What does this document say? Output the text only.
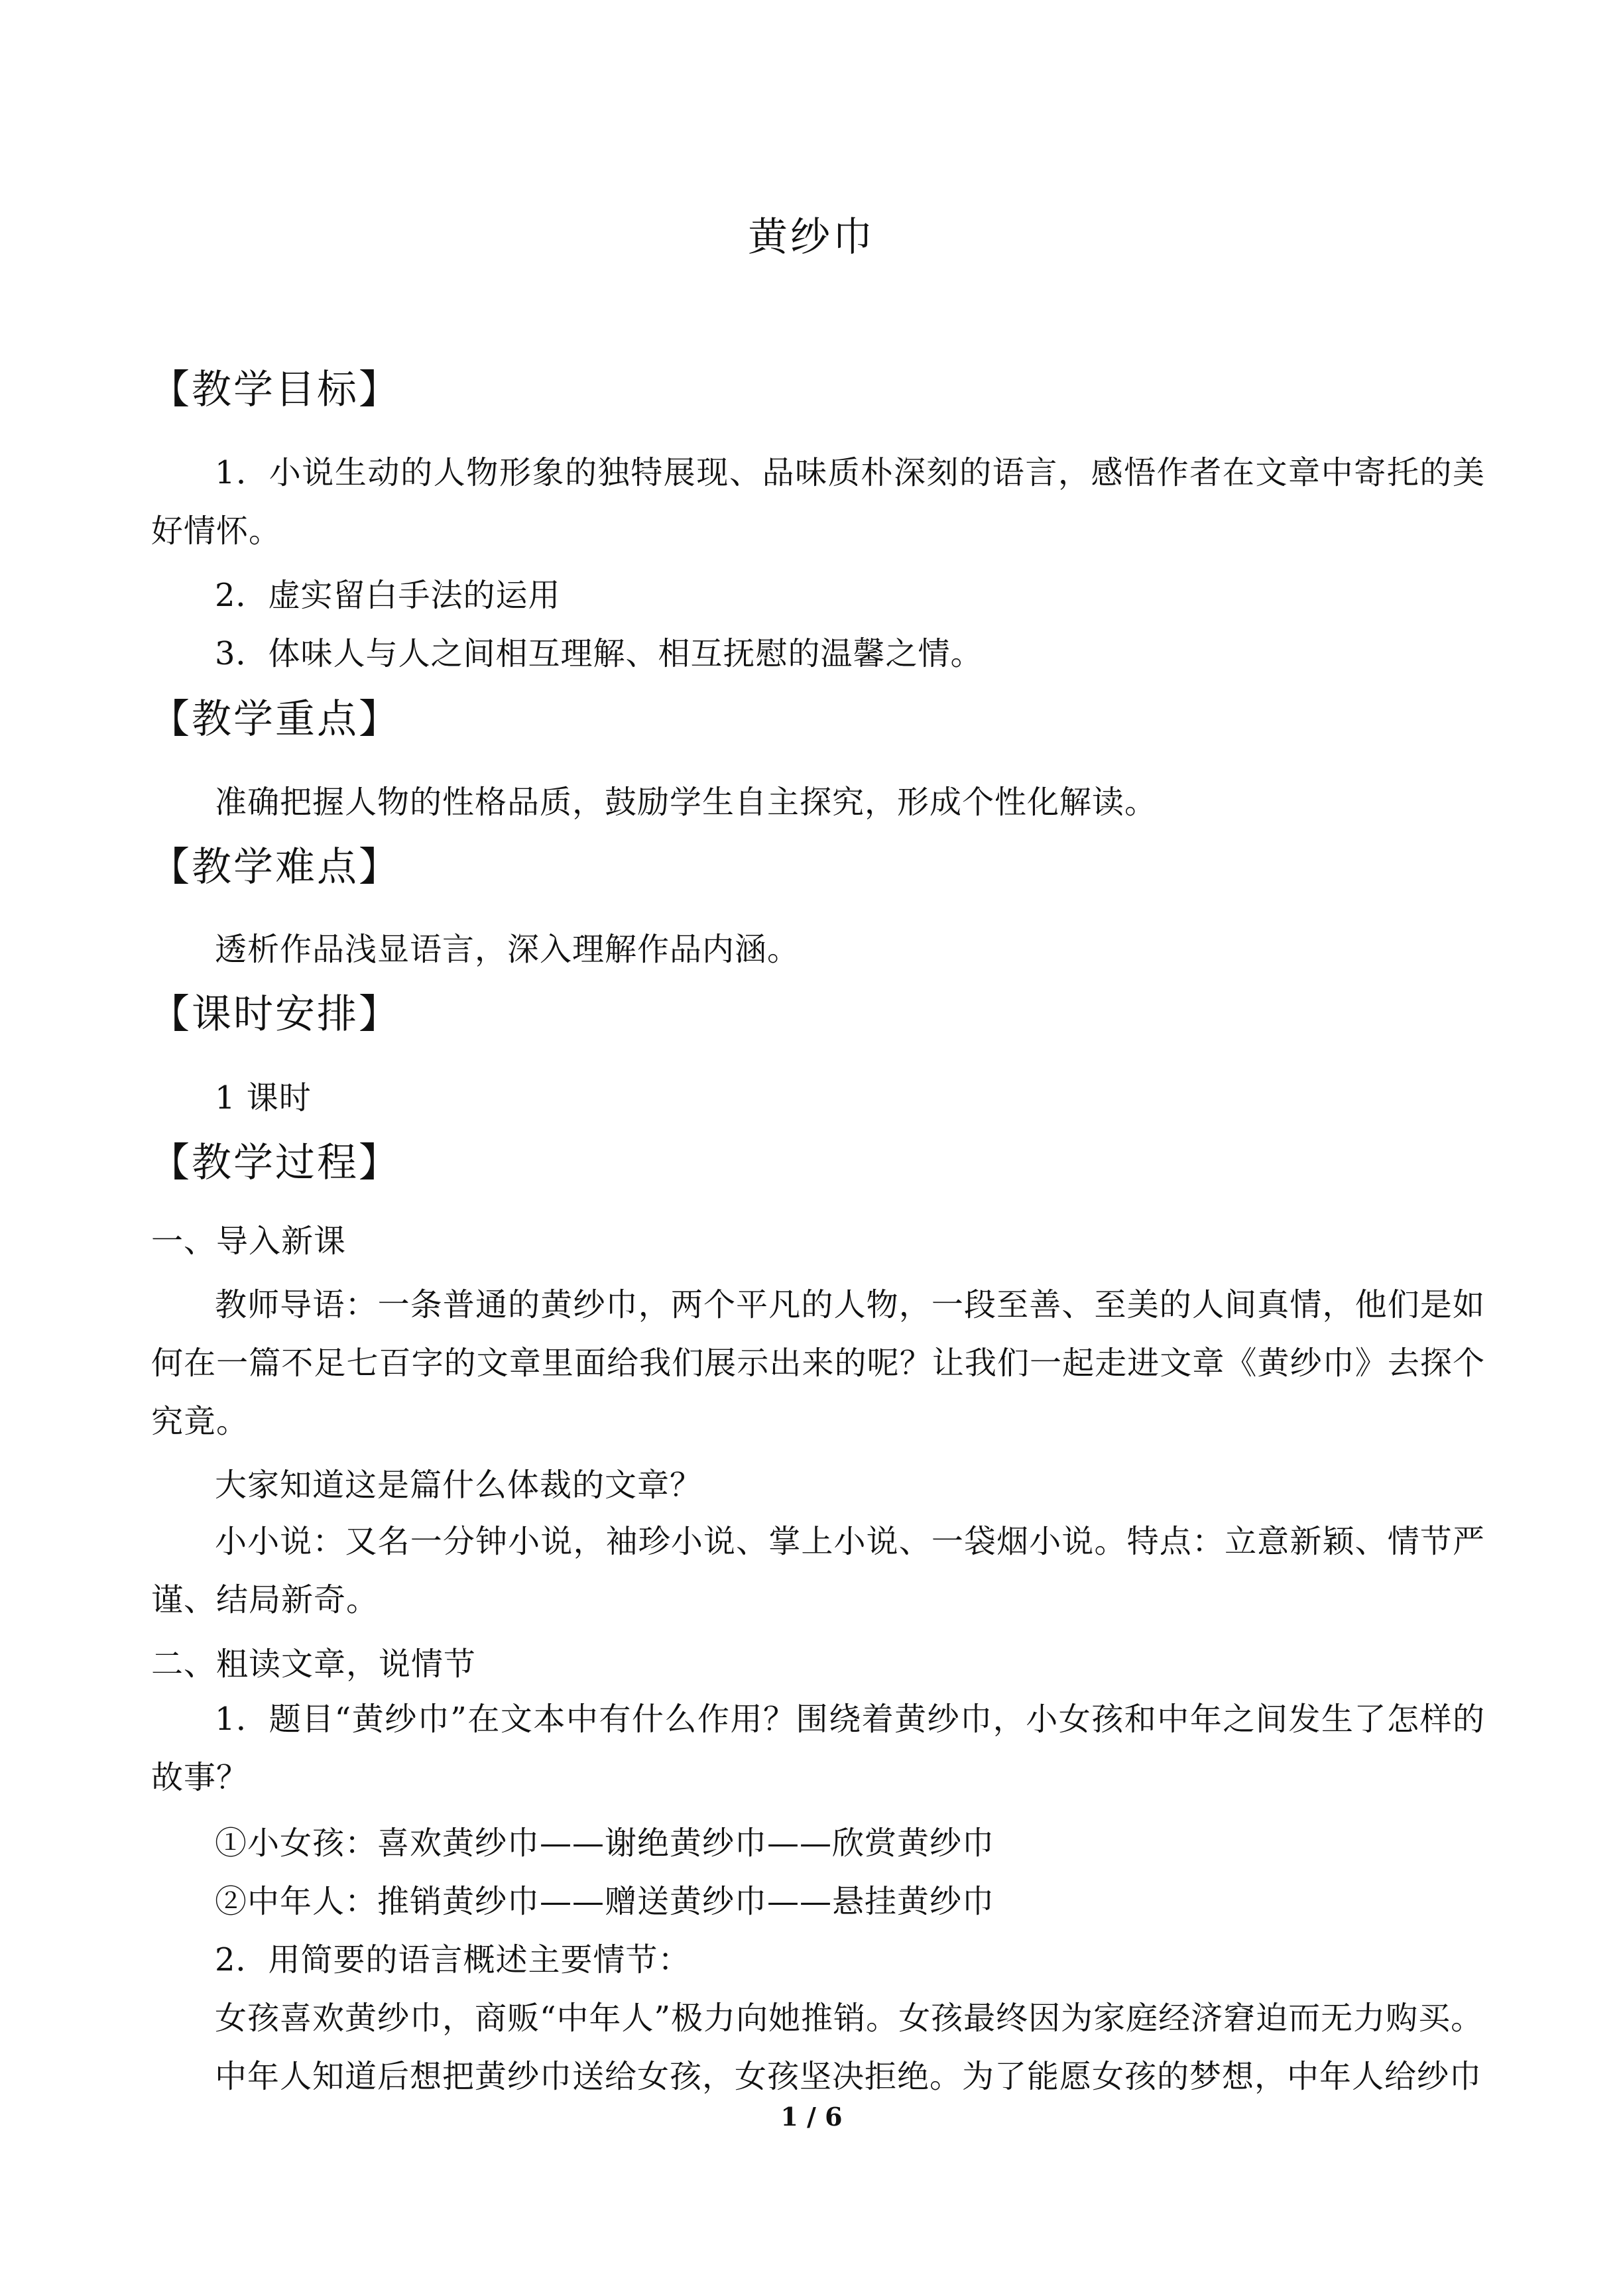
黄纱巾
【教学目标】

1．小说生动的人物形象的独特展现、品味质朴深刻的语言，感悟作者在文章中寄托的美好情怀。

2．虚实留白手法的运用
3．体味人与人之间相互理解、相互抚慰的温馨之情。
【教学重点】
准确把握人物的性格品质，鼓励学生自主探究，形成个性化解读。
【教学难点】
透析作品浅显语言，深入理解作品内涵。
【课时安排】
1 课时
【教学过程】
一、导入新课

教师导语：一条普通的黄纱巾，两个平凡的人物，一段至善、至美的人间真情，他们是如何在一篇不足七百字的文章里面给我们展示出来的呢？让我们一起走进文章《黄纱巾》去探个究竟。

大家知道这是篇什么体裁的文章？

小小说：又名一分钟小说，袖珍小说、掌上小说、一袋烟小说。特点：立意新颖、情节严谨、结局新奇。

二、粗读文章，说情节

1．题目“黄纱巾”在文本中有什么作用？围绕着黄纱巾，小女孩和中年之间发生了怎样的故事？

①小女孩：喜欢黄纱巾——谢绝黄纱巾——欣赏黄纱巾
②中年人：推销黄纱巾——赠送黄纱巾——悬挂黄纱巾
2．用简要的语言概述主要情节：
女孩喜欢黄纱巾，商贩“中年人”极力向她推销。女孩最终因为家庭经济窘迫而无力购买。
中年人知道后想把黄纱巾送给女孩，女孩坚决拒绝。为了能愿女孩的梦想，中年人给纱巾
1 / 6
